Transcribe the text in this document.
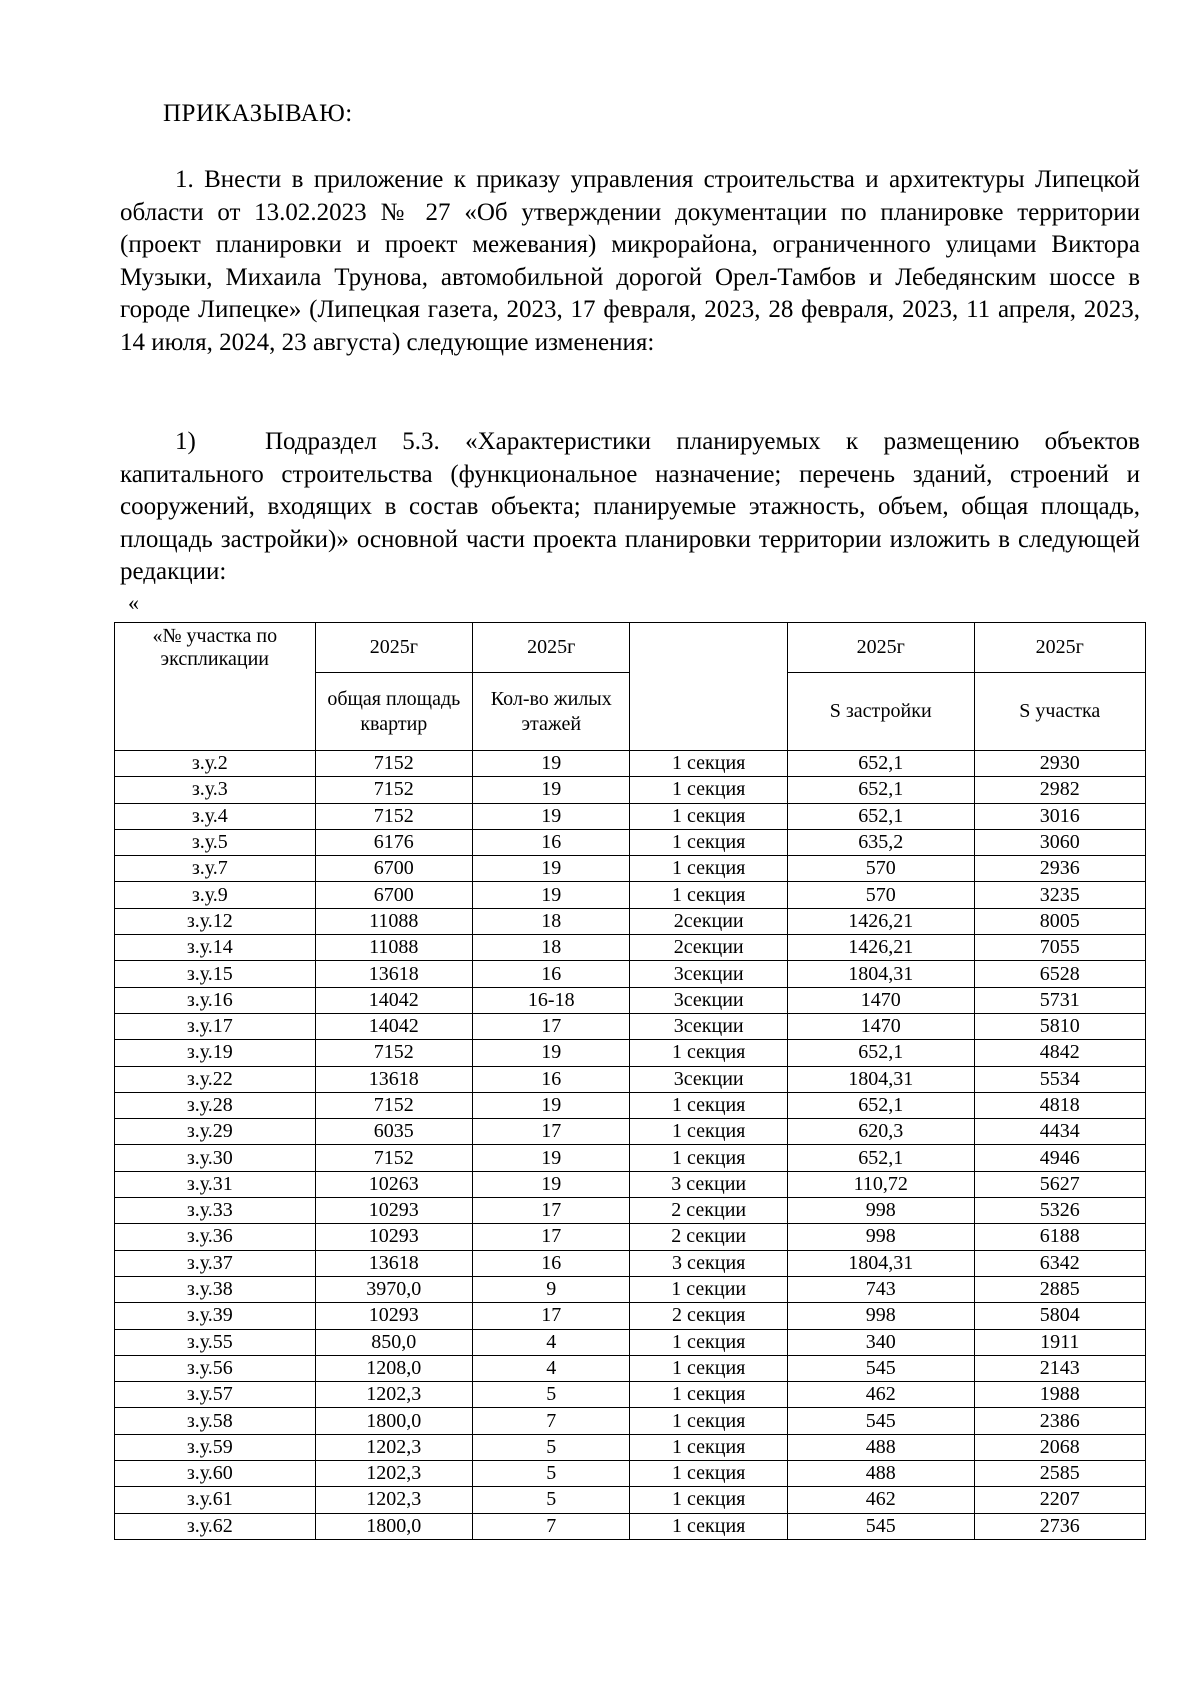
ПРИКАЗЫВАЮ:
1. Внести в приложение к приказу управления строительства и архитектуры Липецкой области от 13.02.2023 № 27 «Об утверждении документации по планировке территории (проект планировки и проект межевания) микрорайона, ограниченного улицами Виктора Музыки, Михаила Трунова, автомобильной дорогой Орел-Тамбов и Лебедянским шоссе в городе Липецке» (Липецкая газета, 2023, 17 февраля, 2023, 28 февраля, 2023, 11 апреля, 2023, 14 июля, 2024, 23 августа) следующие изменения:
1)	Подраздел 5.3. «Характеристики планируемых к размещению объектов капитального строительства (функциональное назначение; перечень зданий, строений и сооружений, входящих в состав объекта; планируемые этажность, объем, общая площадь, площадь застройки)» основной части проекта планировки территории изложить в следующей редакции:
«
«№ участка по экспликации	2025г	2025г		2025г	2025г
	общая площадь квартир	Кол-во жилых этажей		S застройки	S участка
з.у.2	7152	19	1 секция	652,1	2930
з.у.3	7152	19	1 секция	652,1	2982
з.у.4	7152	19	1 секция	652,1	3016
з.у.5	6176	16	1 секция	635,2	3060
з.у.7	6700	19	1 секция	570	2936
з.у.9	6700	19	1 секция	570	3235
з.у.12	11088	18	2секции	1426,21	8005
з.у.14	11088	18	2секции	1426,21	7055
з.у.15	13618	16	3секции	1804,31	6528
з.у.16	14042	16-18	3секции	1470	5731
з.у.17	14042	17	3секции	1470	5810
з.у.19	7152	19	1 секция	652,1	4842
з.у.22	13618	16	3секции	1804,31	5534
з.у.28	7152	19	1 секция	652,1	4818
з.у.29	6035	17	1 секция	620,3	4434
з.у.30	7152	19	1 секция	652,1	4946
з.у.31	10263	19	3 секции	110,72	5627
з.у.33	10293	17	2 секции	998	5326
з.у.36	10293	17	2 секции	998	6188
з.у.37	13618	16	3 секция	1804,31	6342
з.у.38	3970,0	9	1 секции	743	2885
з.у.39	10293	17	2 секция	998	5804
з.у.55	850,0	4	1 секция	340	1911
з.у.56	1208,0	4	1 секция	545	2143
з.у.57	1202,3	5	1 секция	462	1988
з.у.58	1800,0	7	1 секция	545	2386
з.у.59	1202,3	5	1 секция	488	2068
з.у.60	1202,3	5	1 секция	488	2585
з.у.61	1202,3	5	1 секция	462	2207
з.у.62	1800,0	7	1 секция	545	2736
